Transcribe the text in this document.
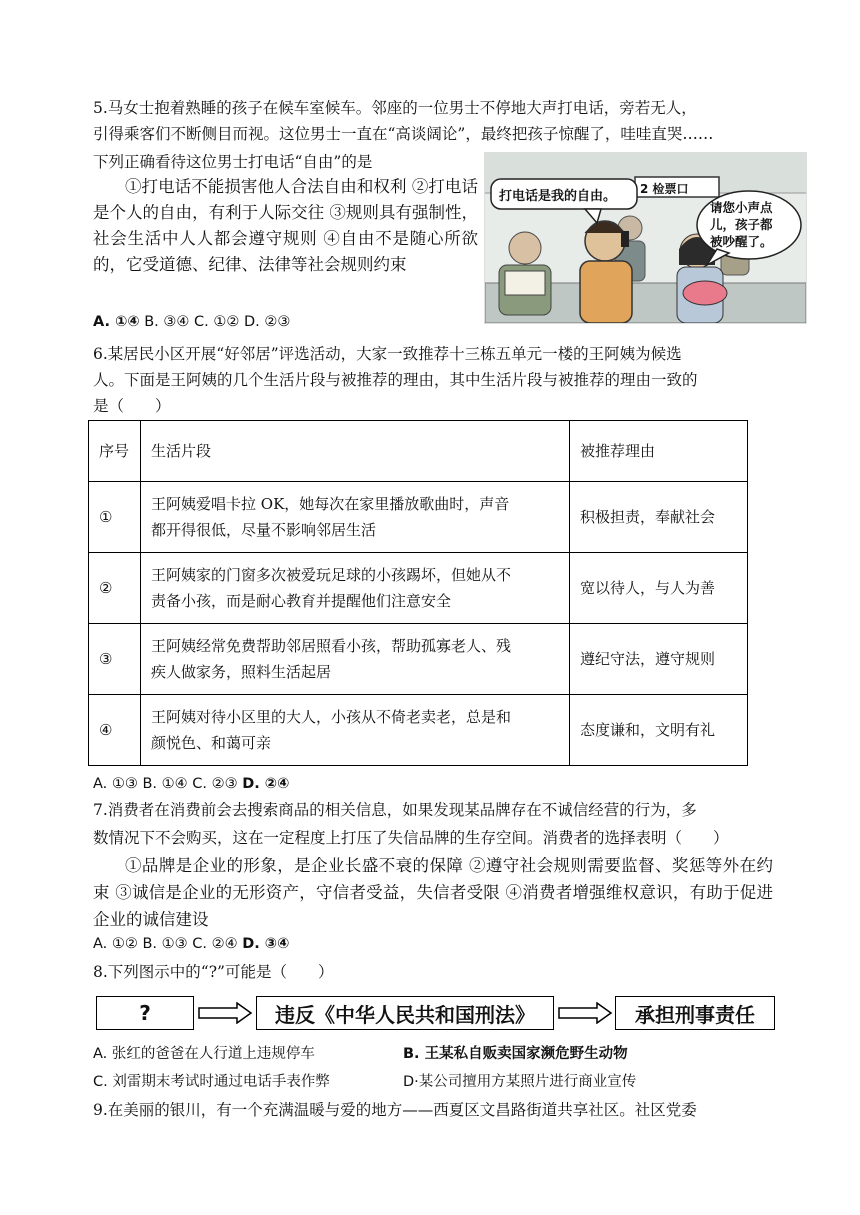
5.马女士抱着熟睡的孩子在候车室候车。邻座的一位男士不停地大声打电话，旁若无人，
引得乘客们不断侧目而视。这位男士一直在“高谈阔论”，最终把孩子惊醒了，哇哇直哭……
下列正确看待这位男士打电话“自由”的是

①打电话不能损害他人合法自由和权利 ②打电话是个人的自由，有利于人际交往 ③规则具有强制性，社会生活中人人都会遵守规则 ④自由不是随心所欲的，它受道德、纪律、法律等社会规则约束

A. ①④ B. ③④ C. ①② D. ②③
打电话是我的自由。 2 检票口
请您小声点
儿，孩子都
被吵醒了。
6.某居民小区开展“好邻居”评选活动，大家一致推荐十三栋五单元一楼的王阿姨为候选
人。下面是王阿姨的几个生活片段与被推荐的理由，其中生活片段与被推荐的理由一致的
是（　　）
序号	生活片段	被推荐理由
①	王阿姨爱唱卡拉 OK，她每次在家里播放歌曲时，声音
都开得很低，尽量不影响邻居生活	积极担责，奉献社会
②	王阿姨家的门窗多次被爱玩足球的小孩踢坏，但她从不
责备小孩，而是耐心教育并提醒他们注意安全	宽以待人，与人为善
③	王阿姨经常免费帮助邻居照看小孩，帮助孤寡老人、残
疾人做家务，照料生活起居	遵纪守法，遵守规则
④	王阿姨对待小区里的大人，小孩从不倚老卖老，总是和
颜悦色、和蔼可亲	态度谦和，文明有礼
A. ①③ B. ①④ C. ②③ D. ②④
7.消费者在消费前会去搜索商品的相关信息，如果发现某品牌存在不诚信经营的行为，多
数情况下不会购买，这在一定程度上打压了失信品牌的生存空间。消费者的选择表明（　　）

①品牌是企业的形象，是企业长盛不衰的保障 ②遵守社会规则需要监督、奖惩等外在约束 ③诚信是企业的无形资产，守信者受益，失信者受限 ④消费者增强维权意识，有助于促进企业的诚信建设

A. ①② B. ①③ C. ②④ D. ③④
8.下列图示中的“?”可能是（　　）
?	违反《中华人民共和国刑法》	承担刑事责任
A. 张红的爸爸在人行道上违规停车	B. 王某私自贩卖国家濒危野生动物
C. 刘雷期末考试时通过电话手表作弊	D·某公司擅用方某照片进行商业宣传
9.在美丽的银川，有一个充满温暖与爱的地方——西夏区文昌路街道共享社区。社区党委
